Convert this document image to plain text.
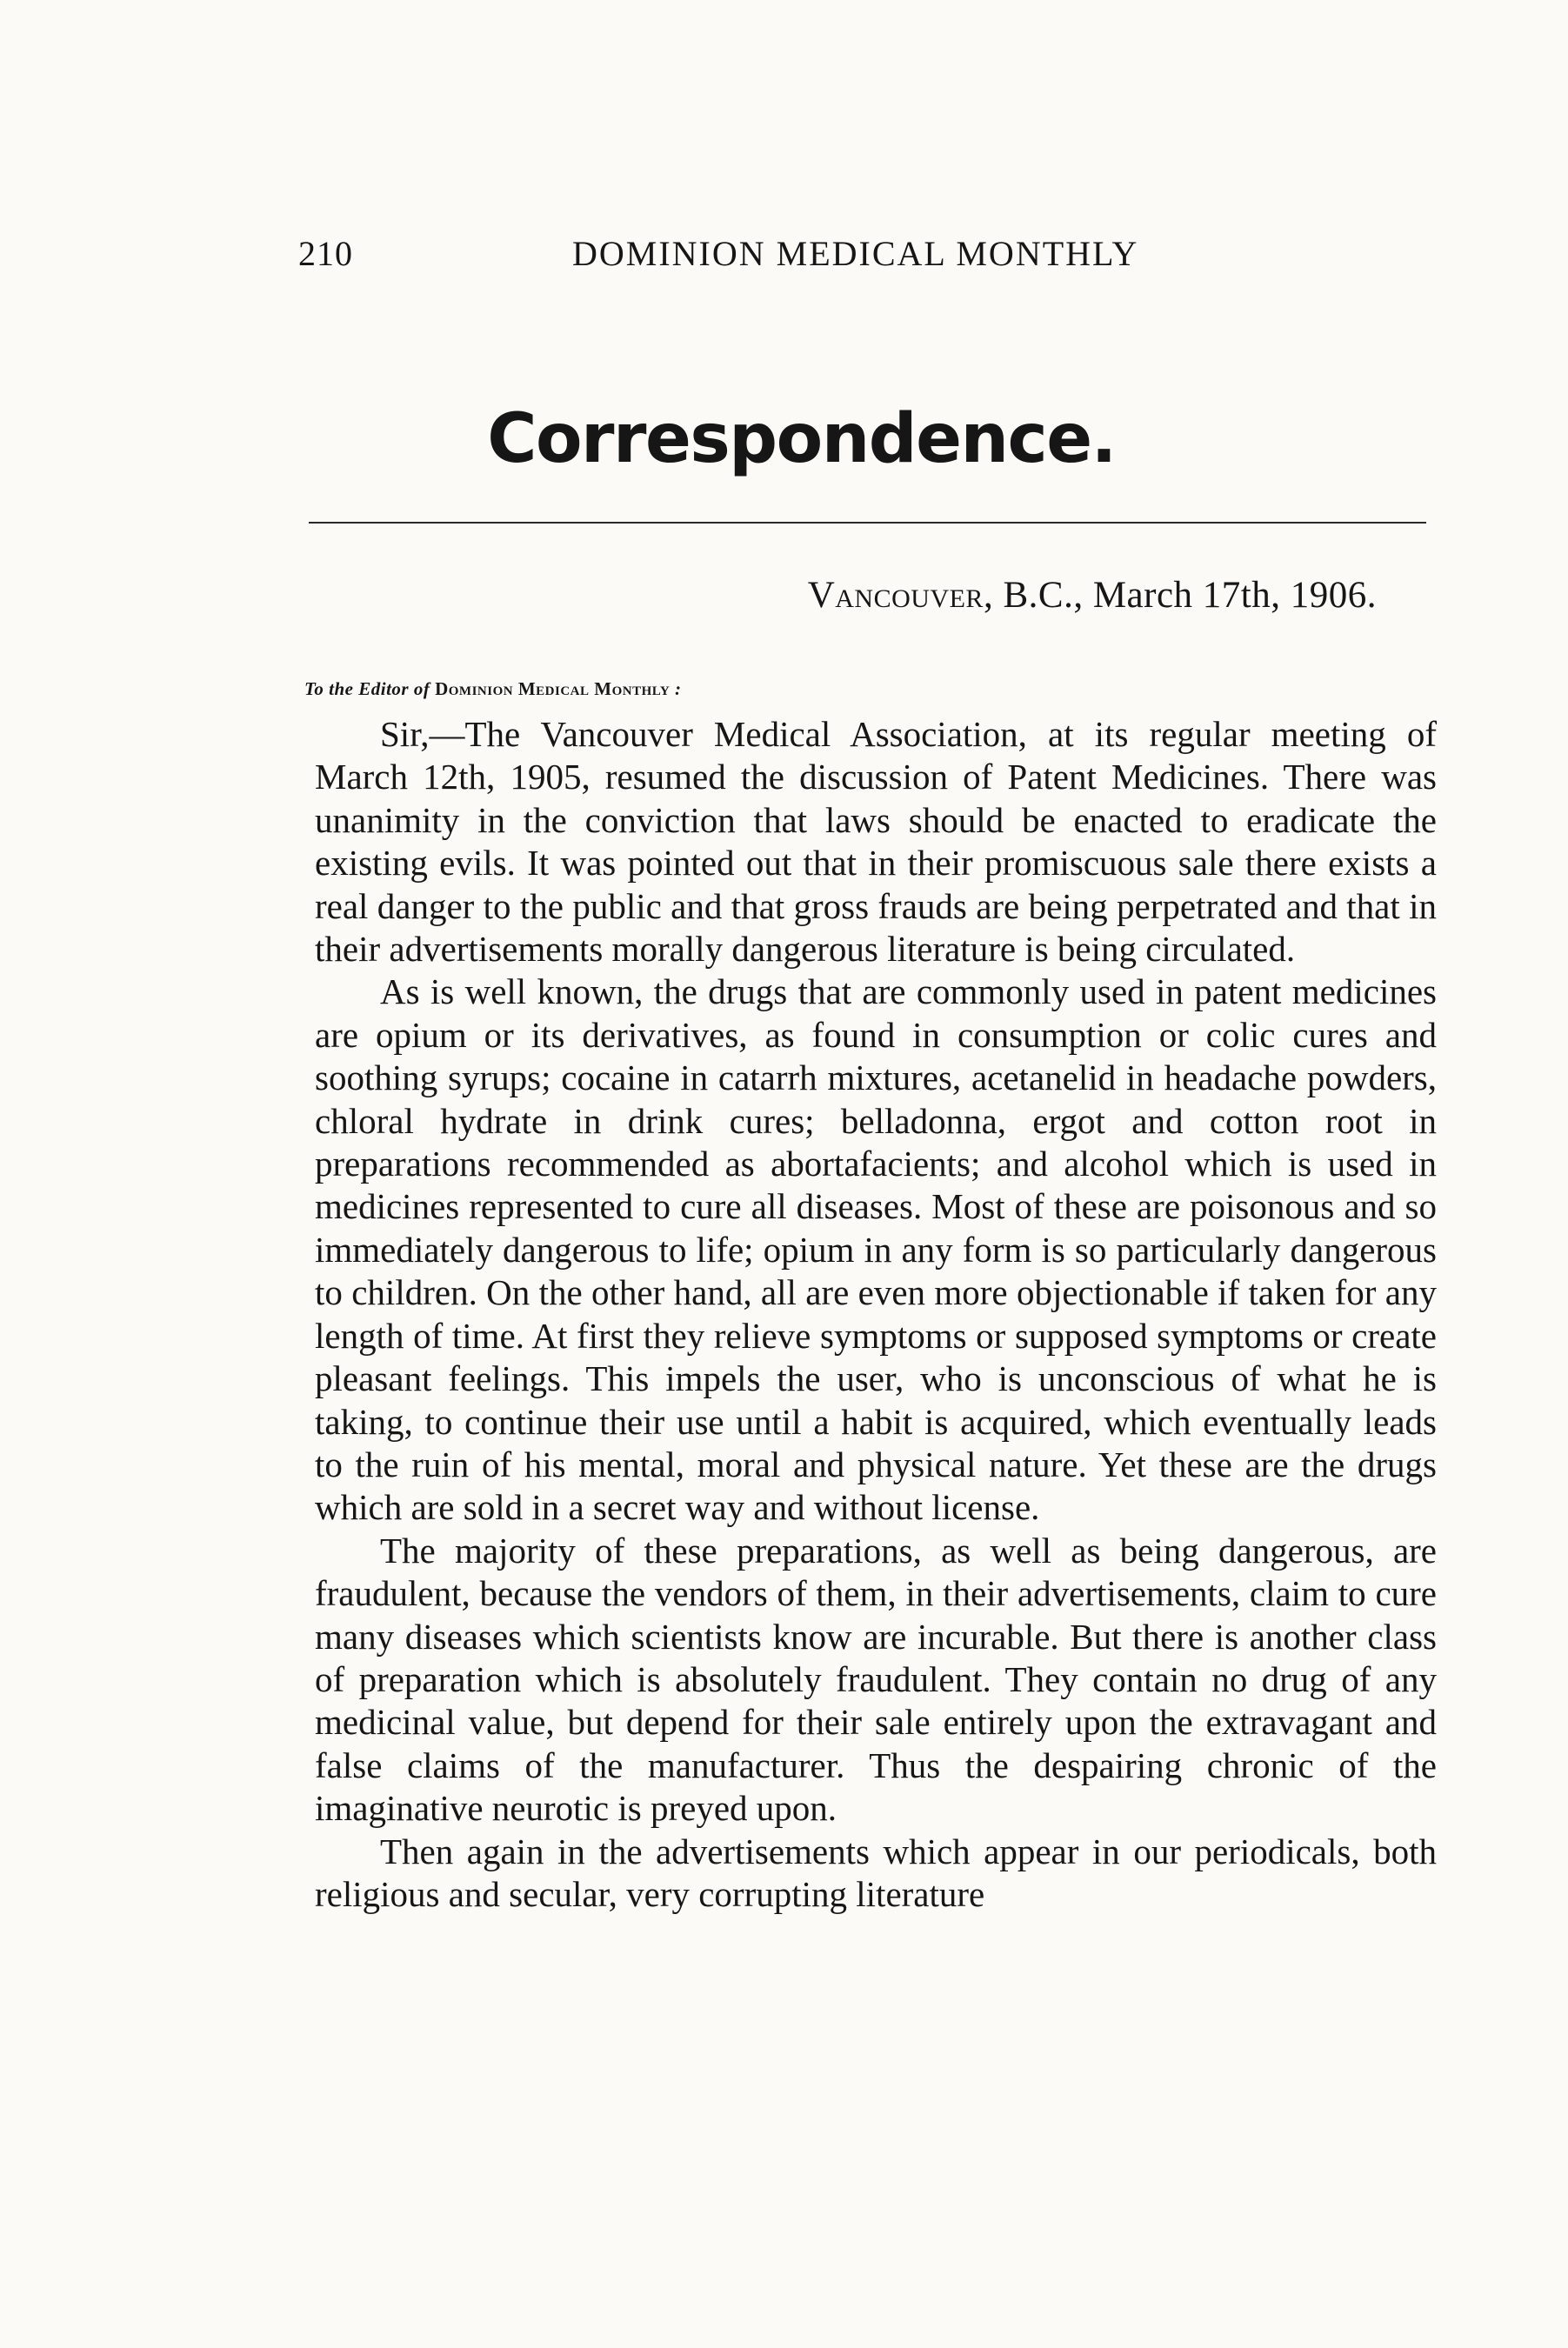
210	DOMINION MEDICAL MONTHLY
Correspondence.
Vancouver, B.C., March 17th, 1906.
To the Editor of Dominion Medical Monthly :

Sir,—The Vancouver Medical Association, at its regular meeting of March 12th, 1905, resumed the discussion of Patent Medicines. There was unanimity in the conviction that laws should be enacted to eradicate the existing evils. It was pointed out that in their promiscuous sale there exists a real danger to the public and that gross frauds are being perpetrated and that in their advertisements morally dangerous literature is being circulated.

As is well known, the drugs that are commonly used in patent medicines are opium or its derivatives, as found in consumption or colic cures and soothing syrups; cocaine in catarrh mixtures, acetanelid in headache powders, chloral hydrate in drink cures; belladonna, ergot and cotton root in preparations recommended as abortafacients; and alcohol which is used in medicines represented to cure all diseases. Most of these are poisonous and so immediately dangerous to life; opium in any form is so particularly dangerous to children. On the other hand, all are even more objectionable if taken for any length of time. At first they relieve symptoms or supposed symptoms or create pleasant feelings. This impels the user, who is unconscious of what he is taking, to continue their use until a habit is acquired, which eventually leads to the ruin of his mental, moral and physical nature. Yet these are the drugs which are sold in a secret way and without license.

The majority of these preparations, as well as being dangerous, are fraudulent, because the vendors of them, in their advertisements, claim to cure many diseases which scientists know are incurable. But there is another class of preparation which is absolutely fraudulent. They contain no drug of any medicinal value, but depend for their sale entirely upon the extravagant and false claims of the manufacturer. Thus the despairing chronic of the imaginative neurotic is preyed upon.

Then again in the advertisements which appear in our periodicals, both religious and secular, very corrupting literature
